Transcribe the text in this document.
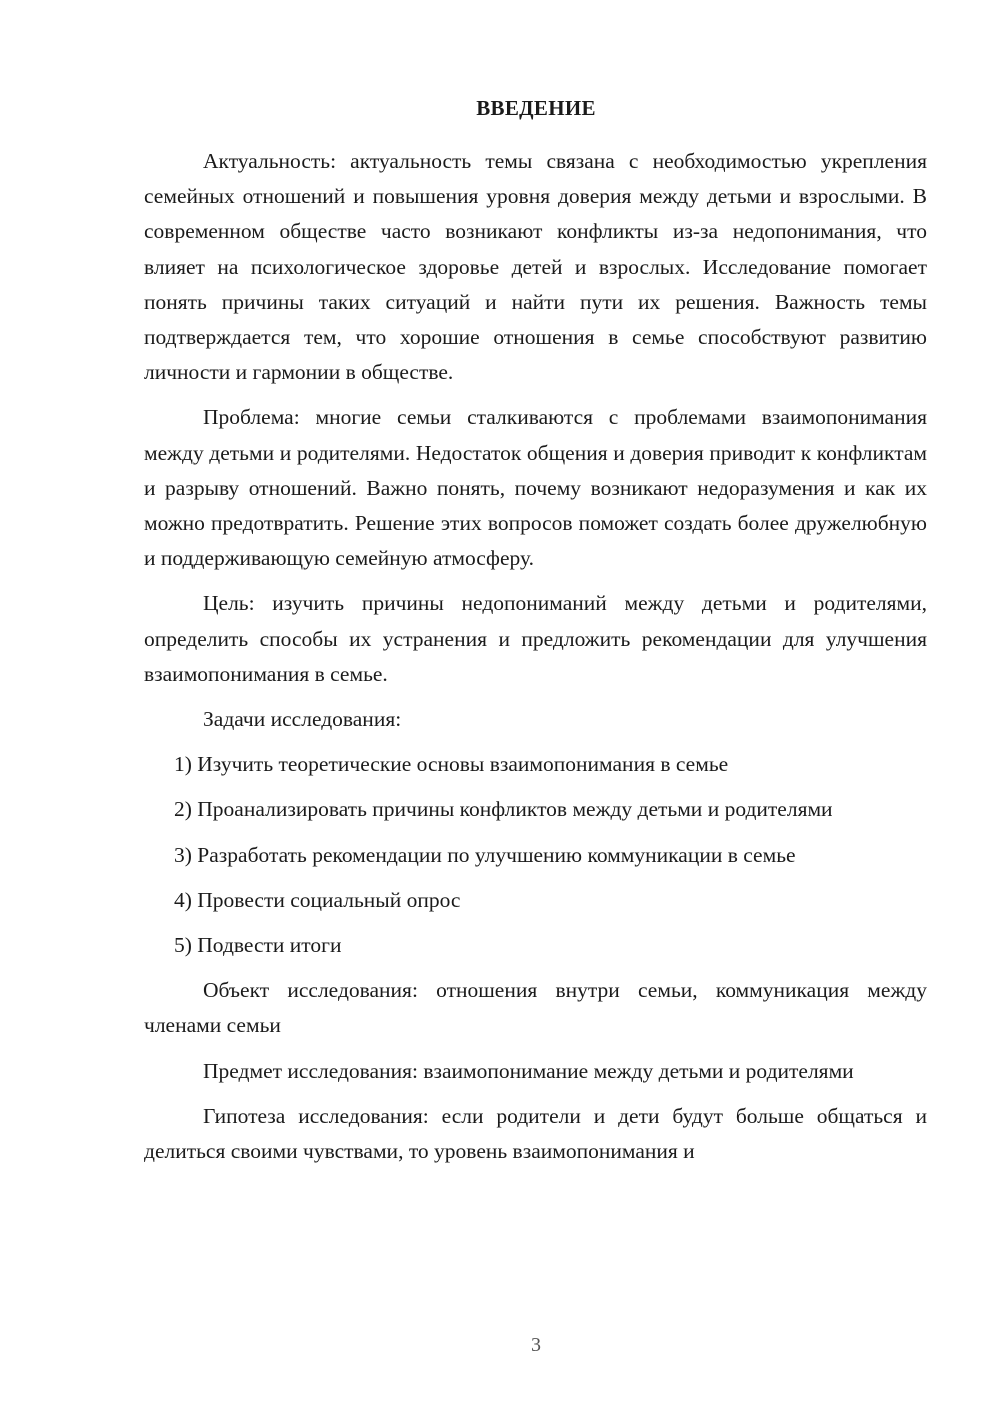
ВВЕДЕНИЕ

Актуальность: актуальность темы связана с необходимостью укрепления семейных отношений и повышения уровня доверия между детьми и взрослыми. В современном обществе часто возникают конфликты из-за недопонимания, что влияет на психологическое здоровье детей и взрослых. Исследование помогает понять причины таких ситуаций и найти пути их решения. Важность темы подтверждается тем, что хорошие отношения в семье способствуют развитию личности и гармонии в обществе.

Проблема: многие семьи сталкиваются с проблемами взаимопонимания между детьми и родителями. Недостаток общения и доверия приводит к конфликтам и разрыву отношений. Важно понять, почему возникают недоразумения и как их можно предотвратить. Решение этих вопросов поможет создать более дружелюбную и поддерживающую семейную атмосферу.

Цель: изучить причины недопониманий между детьми и родителями, определить способы их устранения и предложить рекомендации для улучшения взаимопонимания в семье.

Задачи исследования:

1) Изучить теоретические основы взаимопонимания в семье

2) Проанализировать причины конфликтов между детьми и родителями

3) Разработать рекомендации по улучшению коммуникации в семье

4) Провести социальный опрос

5) Подвести итоги

Объект исследования: отношения внутри семьи, коммуникация между членами семьи

Предмет исследования: взаимопонимание между детьми и родителями

Гипотеза исследования: если родители и дети будут больше общаться и делиться своими чувствами, то уровень взаимопонимания и

3
